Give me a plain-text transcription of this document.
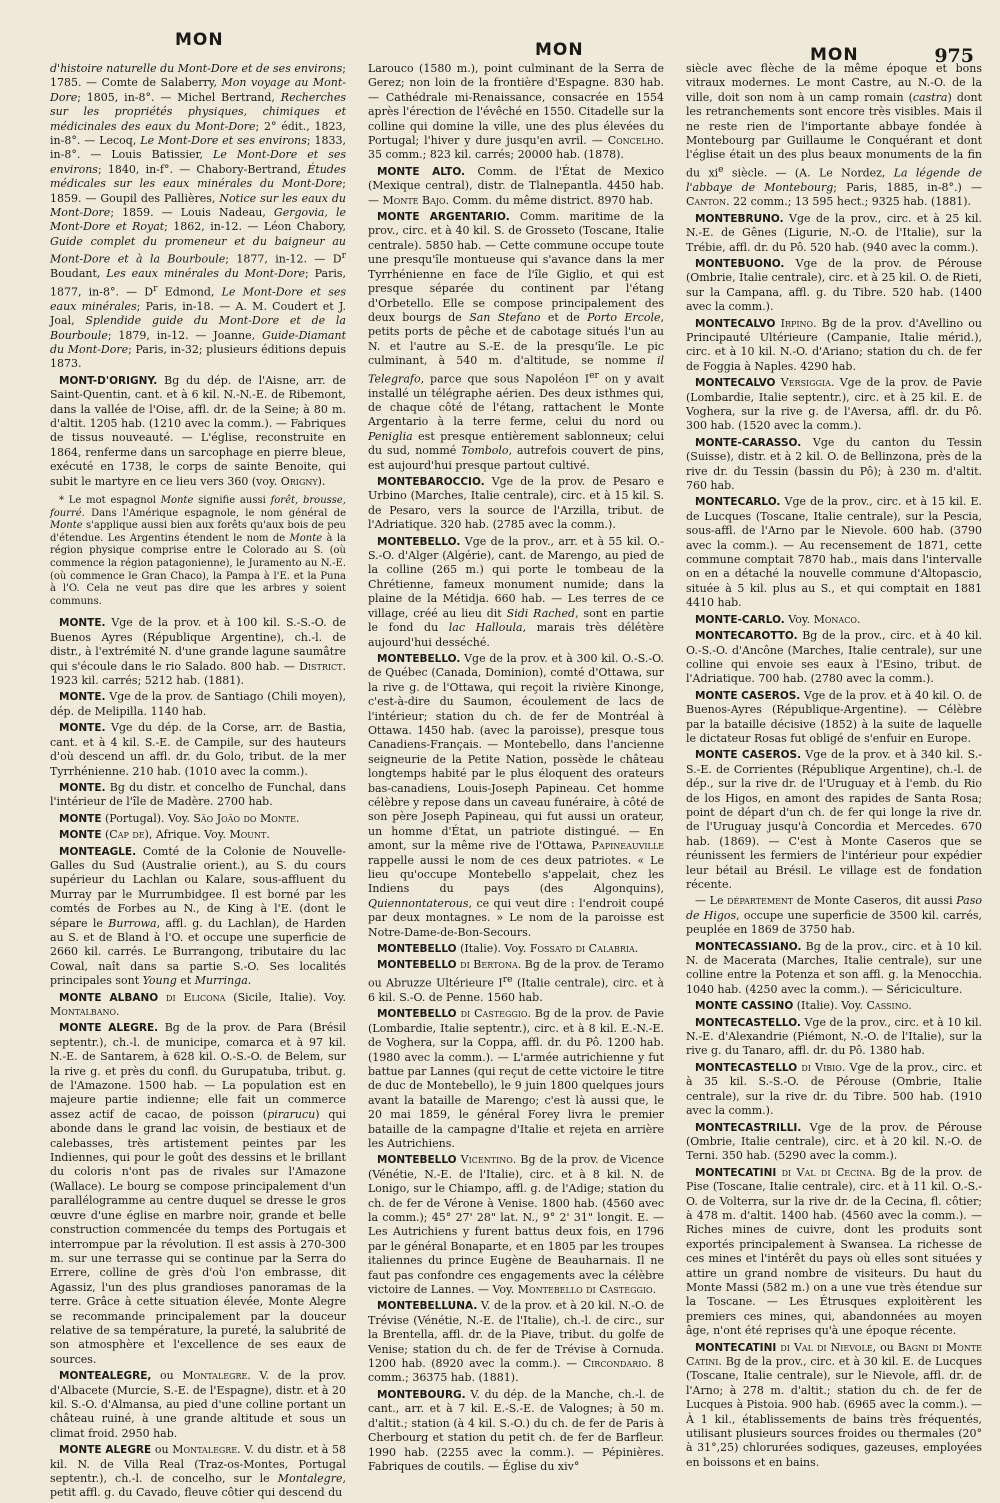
MON	MON	MON	975

d'histoire naturelle du Mont-Dore et de ses environs; 1785. — Comte de Salaberry, Mon voyage au Mont-Dore; 1805, in-8°. — Michel Bertrand, Recherches sur les propriétés physiques, chimiques et médicinales des eaux du Mont-Dore; 2° édit., 1823, in-8°. — Lecoq, Le Mont-Dore et ses environs; 1833, in-8°. — Louis Batissier, Le Mont-Dore et ses environs; 1840, in-f°. — Chabory-Bertrand, Études médicales sur les eaux minérales du Mont-Dore; 1859. — Goupil des Pallières, Notice sur les eaux du Mont-Dore; 1859. — Louis Nadeau, Gergovia, le Mont-Dore et Royat; 1862, in-12. — Léon Chabory, Guide complet du promeneur et du baigneur au Mont-Dore et à la Bourboule; 1877, in-12. — $D^r$ Boudant, Les eaux minérales du Mont-Dore; Paris, 1877, in-8°. — $D^r$ Edmond, Le Mont-Dore et ses eaux minérales; Paris, in-18. — A. M. Coudert et J. Joal, Splendide guide du Mont-Dore et de la Bourboule; 1879, in-12. — Joanne, Guide-Diamant du Mont-Dore; Paris, in-32; plusieurs éditions depuis 1873.

MONT-D'ORIGNY. Bg du dép. de l'Aisne, arr. de Saint-Quentin, cant. et à 6 kil. N.-N.-E. de Ribemont, dans la vallée de l'Oise, affl. dr. de la Seine; à 80 m. d'altit. 1205 hab. (1210 avec la comm.). — Fabriques de tissus nouveauté. — L'église, reconstruite en 1864, renferme dans un sarcophage en pierre bleue, exécuté en 1738, le corps de sainte Benoite, qui subit le martyre en ce lieu vers 360 (voy. Origny).

* Le mot espagnol Monte signifie aussi forêt, brousse, fourré. Dans l'Amérique espagnole, le nom général de Monte s'applique aussi bien aux forêts qu'aux bois de peu d'étendue. Les Argentins étendent le nom de Monte à la région physique comprise entre le Colorado au S. (où commence la région patagonienne), le Juramento au N.-E. (où commence le Gran Chaco), la Pampa à l'E. et la Puna à l'O. Cela ne veut pas dire que les arbres y soient communs.

MONTE. Vge de la prov. et à 100 kil. S.-S.-O. de Buenos Ayres (République Argentine), ch.-l. de distr., à l'extrémité N. d'une grande lagune saumâtre qui s'écoule dans le rio Salado. 800 hab. — District. 1923 kil. carrés; 5212 hab. (1881).

MONTE. Vge de la prov. de Santiago (Chili moyen), dép. de Melipilla. 1140 hab.

MONTE. Vge du dép. de la Corse, arr. de Bastia, cant. et à 4 kil. S.-E. de Campile, sur des hauteurs d'où descend un affl. dr. du Golo, tribut. de la mer Tyrrhénienne. 210 hab. (1010 avec la comm.).

MONTE. Bg du distr. et concelho de Funchal, dans l'intérieur de l'île de Madère. 2700 hab.

MONTE (Portugal). Voy. São João do Monte.

MONTE (Cap de), Afrique. Voy. Mount.

MONTEAGLE. Comté de la Colonie de Nouvelle-Galles du Sud (Australie orient.), au S. du cours supérieur du Lachlan ou Kalare, sous-affluent du Murray par le Murrumbidgee. Il est borné par les comtés de Forbes au N., de King à l'E. (dont le sépare le Burrowa, affl. g. du Lachlan), de Harden au S. et de Bland à l'O. et occupe une superficie de 2660 kil. carrés. Le Burrangong, tributaire du lac Cowal, naît dans sa partie S.-O. Ses localités principales sont Young et Murringa.

MONTE ALBANO di Elicona (Sicile, Italie). Voy. Montalbano.

MONTE ALEGRE. Bg de la prov. de Para (Brésil septentr.), ch.-l. de municipe, comarca et à 97 kil. N.-E. de Santarem, à 628 kil. O.-S.-O. de Belem, sur la rive g. et près du confl. du Gurupatuba, tribut. g. de l'Amazone. 1500 hab. — La population est en majeure partie indienne; elle fait un commerce assez actif de cacao, de poisson (pirarucu) qui abonde dans le grand lac voisin, de bestiaux et de calebasses, très artistement peintes par les Indiennes, qui pour le goût des dessins et le brillant du coloris n'ont pas de rivales sur l'Amazone (Wallace). Le bourg se compose principalement d'un parallélogramme au centre duquel se dresse le gros œuvre d'une église en marbre noir, grande et belle construction commencée du temps des Portugais et interrompue par la révolution. Il est assis à 270-300 m. sur une terrasse qui se continue par la Serra do Errere, colline de grès d'où l'on embrasse, dit Agassiz, l'un des plus grandioses panoramas de la terre. Grâce à cette situation élevée, Monte Alegre se recommande principalement par la douceur relative de sa température, la pureté, la salubrité de son atmosphère et l'excellence de ses eaux de sources.

MONTEALEGRE, ou Montalegre. V. de la prov. d'Albacete (Murcie, S.-E. de l'Espagne), distr. et à 20 kil. S.-O. d'Almansa, au pied d'une colline portant un château ruiné, à une grande altitude et sous un climat froid. 2950 hab.

MONTE ALEGRE ou Montalegre. V. du distr. et à 58 kil. N. de Villa Real (Traz-os-Montes, Portugal septentr.), ch.-l. de concelho, sur le Montalegre, petit affl. g. du Cavado, fleuve côtier qui descend du

Larouco (1580 m.), point culminant de la Serra de Gerez; non loin de la frontière d'Espagne. 830 hab. — Cathédrale mi-Renaissance, consacrée en 1554 après l'érection de l'évêché en 1550. Citadelle sur la colline qui domine la ville, une des plus élevées du Portugal; l'hiver y dure jusqu'en avril. — Concelho. 35 comm.; 823 kil. carrés; 20000 hab. (1878).

MONTE ALTO. Comm. de l'État de Mexico (Mexique central), distr. de Tlalnepantla. 4450 hab. — Monte Bajo. Comm. du même district. 8970 hab.

MONTE ARGENTARIO. Comm. maritime de la prov., circ. et à 40 kil. S. de Grosseto (Toscane, Italie centrale). 5850 hab. — Cette commune occupe toute une presqu'île montueuse qui s'avance dans la mer Tyrrhénienne en face de l'île Giglio, et qui est presque séparée du continent par l'étang d'Orbetello. Elle se compose principalement des deux bourgs de San Stefano et de Porto Ercole, petits ports de pêche et de cabotage situés l'un au N. et l'autre au S.-E. de la presqu'île. Le pic culminant, à 540 m. d'altitude, se nomme il Telegrafo, parce que sous Napoléon Ier on y avait installé un télégraphe aérien. Des deux isthmes qui, de chaque côté de l'étang, rattachent le Monte Argentario à la terre ferme, celui du nord ou Peniglia est presque entièrement sablonneux; celui du sud, nommé Tombolo, autrefois couvert de pins, est aujourd'hui presque partout cultivé.

MONTEBAROCCIO. Vge de la prov. de Pesaro e Urbino (Marches, Italie centrale), circ. et à 15 kil. S. de Pesaro, vers la source de l'Arzilla, tribut. de l'Adriatique. 320 hab. (2785 avec la comm.).

MONTEBELLO. Vge de la prov., arr. et à 55 kil. O.-S.-O. d'Alger (Algérie), cant. de Marengo, au pied de la colline (265 m.) qui porte le tombeau de la Chrétienne, fameux monument numide; dans la plaine de la Métidja. 660 hab. — Les terres de ce village, créé au lieu dit Sidi Rached, sont en partie le fond du lac Halloula, marais très délétère aujourd'hui desséché.

MONTEBELLO. Vge de la prov. et à 300 kil. O.-S.-O. de Québec (Canada, Dominion), comté d'Ottawa, sur la rive g. de l'Ottawa, qui reçoit la rivière Kinonge, c'est-à-dire du Saumon, écoulement de lacs de l'intérieur; station du ch. de fer de Montréal à Ottawa. 1450 hab. (avec la paroisse), presque tous Canadiens-Français. — Montebello, dans l'ancienne seigneurie de la Petite Nation, possède le château longtemps habité par le plus éloquent des orateurs bas-canadiens, Louis-Joseph Papineau. Cet homme célèbre y repose dans un caveau funéraire, à côté de son père Joseph Papineau, qui fut aussi un orateur, un homme d'État, un patriote distingué. — En amont, sur la même rive de l'Ottawa, Papineauville rappelle aussi le nom de ces deux patriotes. « Le lieu qu'occupe Montebello s'appelait, chez les Indiens du pays (des Algonquins), Quiennontaterous, ce qui veut dire : l'endroit coupé par deux montagnes. » Le nom de la paroisse est Notre-Dame-de-Bon-Secours.

MONTEBELLO (Italie). Voy. Fossato di Calabria.

MONTEBELLO di Bertona. Bg de la prov. de Teramo ou Abruzze Ultérieure Ire (Italie centrale), circ. et à 6 kil. S.-O. de Penne. 1560 hab.

MONTEBELLO di Casteggio. Bg de la prov. de Pavie (Lombardie, Italie septentr.), circ. et à 8 kil. E.-N.-E. de Voghera, sur la Coppa, affl. dr. du Pô. 1200 hab. (1980 avec la comm.). — L'armée autrichienne y fut battue par Lannes (qui reçut de cette victoire le titre de duc de Montebello), le 9 juin 1800 quelques jours avant la bataille de Marengo; c'est là aussi que, le 20 mai 1859, le général Forey livra le premier bataille de la campagne d'Italie et rejeta en arrière les Autrichiens.

MONTEBELLO Vicentino. Bg de la prov. de Vicence (Vénétie, N.-E. de l'Italie), circ. et à 8 kil. N. de Lonigo, sur le Chiampo, affl. g. de l'Adige; station du ch. de fer de Vérone à Venise. 1800 hab. (4560 avec la comm.); 45° 27' 28" lat. N., 9° 2' 31" longit. E. — Les Autrichiens y furent battus deux fois, en 1796 par le général Bonaparte, et en 1805 par les troupes italiennes du prince Eugène de Beauharnais. Il ne faut pas confondre ces engagements avec la célèbre victoire de Lannes. — Voy. Montebello di Casteggio.

MONTEBELLUNA. V. de la prov. et à 20 kil. N.-O. de Trévise (Vénétie, N.-E. de l'Italie), ch.-l. de circ., sur la Brentella, affl. dr. de la Piave, tribut. du golfe de Venise; station du ch. de fer de Trévise à Cornuda. 1200 hab. (8920 avec la comm.). — Circondario. 8 comm.; 36375 hab. (1881).

MONTEBOURG. V. du dép. de la Manche, ch.-l. de cant., arr. et à 7 kil. E.-S.-E. de Valognes; à 50 m. d'altit.; station (à 4 kil. S.-O.) du ch. de fer de Paris à Cherbourg et station du petit ch. de fer de Barfleur. 1990 hab. (2255 avec la comm.). — Pépinières. Fabriques de coutils. — Église du xiv°

siècle avec flèche de la même époque et bons vitraux modernes. Le mont Castre, au N.-O. de la ville, doit son nom à un camp romain (castra) dont les retranchements sont encore très visibles. Mais il ne reste rien de l'importante abbaye fondée à Montebourg par Guillaume le Conquérant et dont l'église était un des plus beaux monuments de la fin du $xi^e$ siècle. — (A. Le Nordez, La légende de l'abbaye de Montebourg; Paris, 1885, in-8°.) — Canton. 22 comm.; 13 595 hect.; 9325 hab. (1881).

MONTEBRUNO. Vge de la prov., circ. et à 25 kil. N.-E. de Gênes (Ligurie, N.-O. de l'Italie), sur la Trébie, affl. dr. du Pô. 520 hab. (940 avec la comm.).

MONTEBUONO. Vge de la prov. de Pérouse (Ombrie, Italie centrale), circ. et à 25 kil. O. de Rieti, sur la Campana, affl. g. du Tibre. 520 hab. (1400 avec la comm.).

MONTECALVO Irpino. Bg de la prov. d'Avellino ou Principauté Ultérieure (Campanie, Italie mérid.), circ. et à 10 kil. N.-O. d'Ariano; station du ch. de fer de Foggia à Naples. 4290 hab.

MONTECALVO Versiggia. Vge de la prov. de Pavie (Lombardie, Italie septentr.), circ. et à 25 kil. E. de Voghera, sur la rive g. de l'Aversa, affl. dr. du Pô. 300 hab. (1520 avec la comm.).

MONTE-CARASSO. Vge du canton du Tessin (Suisse), distr. et à 2 kil. O. de Bellinzona, près de la rive dr. du Tessin (bassin du Pô); à 230 m. d'altit. 760 hab.

MONTECARLO. Vge de la prov., circ. et à 15 kil. E. de Lucques (Toscane, Italie centrale), sur la Pescia, sous-affl. de l'Arno par le Nievole. 600 hab. (3790 avec la comm.). — Au recensement de 1871, cette commune comptait 7870 hab., mais dans l'intervalle on en a détaché la nouvelle commune d'Altopascio, située à 5 kil. plus au S., et qui comptait en 1881 4410 hab.

MONTE-CARLO. Voy. Monaco.

MONTECAROTTO. Bg de la prov., circ. et à 40 kil. O.-S.-O. d'Ancône (Marches, Italie centrale), sur une colline qui envoie ses eaux à l'Esino, tribut. de l'Adriatique. 700 hab. (2780 avec la comm.).

MONTE CASEROS. Vge de la prov. et à 40 kil. O. de Buenos-Ayres (République-Argentine). — Célèbre par la bataille décisive (1852) à la suite de laquelle le dictateur Rosas fut obligé de s'enfuir en Europe.

MONTE CASEROS. Vge de la prov. et à 340 kil. S.-S.-E. de Corrientes (République Argentine), ch.-l. de dép., sur la rive dr. de l'Uruguay et à l'emb. du Rio de los Higos, en amont des rapides de Santa Rosa; point de départ d'un ch. de fer qui longe la rive dr. de l'Uruguay jusqu'à Concordia et Mercedes. 670 hab. (1869). — C'est à Monte Caseros que se réunissent les fermiers de l'intérieur pour expédier leur bétail au Brésil. Le village est de fondation récente.

— Le département de Monte Caseros, dit aussi Paso de Higos, occupe une superficie de 3500 kil. carrés, peuplée en 1869 de 3750 hab.

MONTECASSIANO. Bg de la prov., circ. et à 10 kil. N. de Macerata (Marches, Italie centrale), sur une colline entre la Potenza et son affl. g. la Menocchia. 1040 hab. (4250 avec la comm.). — Sériciculture.

MONTE CASSINO (Italie). Voy. Cassino.

MONTECASTELLO. Vge de la prov., circ. et à 10 kil. N.-E. d'Alexandrie (Piémont, N.-O. de l'Italie), sur la rive g. du Tanaro, affl. dr. du Pô. 1380 hab.

MONTECASTELLO di Vibio. Vge de la prov., circ. et à 35 kil. S.-S.-O. de Pérouse (Ombrie, Italie centrale), sur la rive dr. du Tibre. 500 hab. (1910 avec la comm.).

MONTECASTRILLI. Vge de la prov. de Pérouse (Ombrie, Italie centrale), circ. et à 20 kil. N.-O. de Terni. 350 hab. (5290 avec la comm.).

MONTECATINI di Val di Cecina. Bg de la prov. de Pise (Toscane, Italie centrale), circ. et à 11 kil. O.-S.-O. de Volterra, sur la rive dr. de la Cecina, fl. côtier; à 478 m. d'altit. 1400 hab. (4560 avec la comm.). — Riches mines de cuivre, dont les produits sont exportés principalement à Swansea. La richesse de ces mines et l'intérêt du pays où elles sont situées y attire un grand nombre de visiteurs. Du haut du Monte Massi (582 m.) on a une vue très étendue sur la Toscane. — Les Étrusques exploitèrent les premiers ces mines, qui, abandonnées au moyen âge, n'ont été reprises qu'à une époque récente.

MONTECATINI di Val di Nievole, ou Bagni di Monte Catini. Bg de la prov., circ. et à 30 kil. E. de Lucques (Toscane, Italie centrale), sur le Nievole, affl. dr. de l'Arno; à 278 m. d'altit.; station du ch. de fer de Lucques à Pistoia. 900 hab. (6965 avec la comm.). — À 1 kil., établissements de bains très fréquentés, utilisant plusieurs sources froides ou thermales (20° à 31°,25) chlorurées sodiques, gazeuses, employées en boissons et en bains.
